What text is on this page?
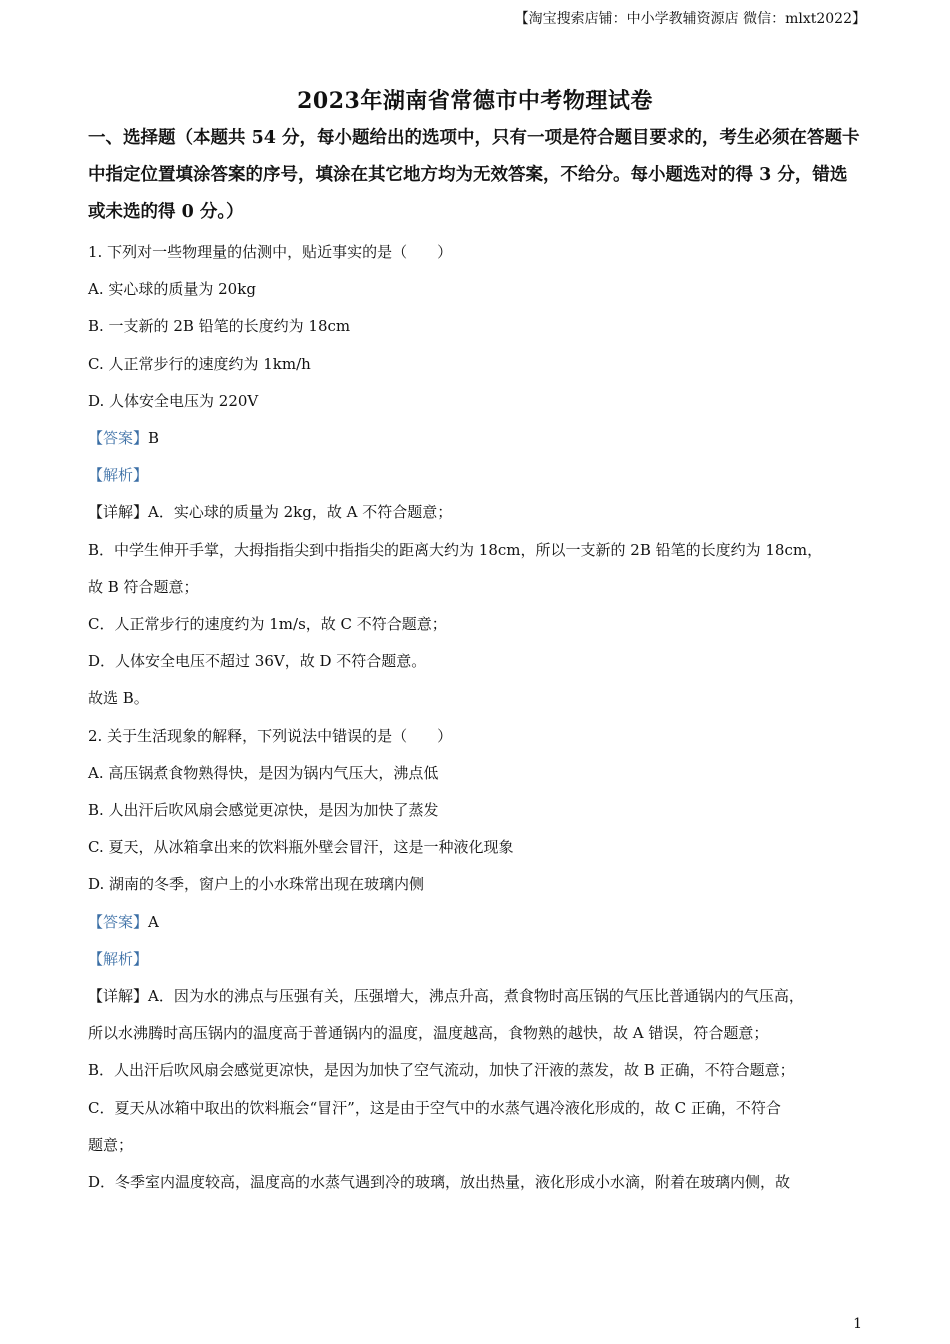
【淘宝搜索店铺：中小学教辅资源店 微信：mlxt2022】
2023年湖南省常德市中考物理试卷
一、选择题（本题共 54 分，每小题给出的选项中，只有一项是符合题目要求的，考生必须在答题卡中指定位置填涂答案的序号，填涂在其它地方均为无效答案，不给分。每小题选对的得 3 分，错选或未选的得 0 分。）

1. 下列对一些物理量的估测中，贴近事实的是（　　）

A. 实心球的质量为 20kg

B. 一支新的 2B 铅笔的长度约为 18cm

C. 人正常步行的速度约为 1km/h

D. 人体安全电压为 220V

【答案】B

【解析】

【详解】A．实心球的质量为 2kg，故 A 不符合题意；

B．中学生伸开手掌，大拇指指尖到中指指尖的距离大约为 18cm，所以一支新的 2B 铅笔的长度约为 18cm，

故 B 符合题意；

C．人正常步行的速度约为 1m/s，故 C 不符合题意；

D．人体安全电压不超过 36V，故 D 不符合题意。

故选 B。

2. 关于生活现象的解释，下列说法中错误的是（　　）

A. 高压锅煮食物熟得快，是因为锅内气压大，沸点低

B. 人出汗后吹风扇会感觉更凉快，是因为加快了蒸发

C. 夏天，从冰箱拿出来的饮料瓶外壁会冒汗，这是一种液化现象

D. 湖南的冬季，窗户上的小水珠常出现在玻璃内侧

【答案】A

【解析】

【详解】A．因为水的沸点与压强有关，压强增大，沸点升高，煮食物时高压锅的气压比普通锅内的气压高，

所以水沸腾时高压锅内的温度高于普通锅内的温度，温度越高，食物熟的越快，故 A 错误，符合题意；

B．人出汗后吹风扇会感觉更凉快，是因为加快了空气流动，加快了汗液的蒸发，故 B 正确，不符合题意；

C．夏天从冰箱中取出的饮料瓶会“冒汗”，这是由于空气中的水蒸气遇冷液化形成的，故 C 正确，不符合

题意；

D．冬季室内温度较高，温度高的水蒸气遇到冷的玻璃，放出热量，液化形成小水滴，附着在玻璃内侧，故

1
